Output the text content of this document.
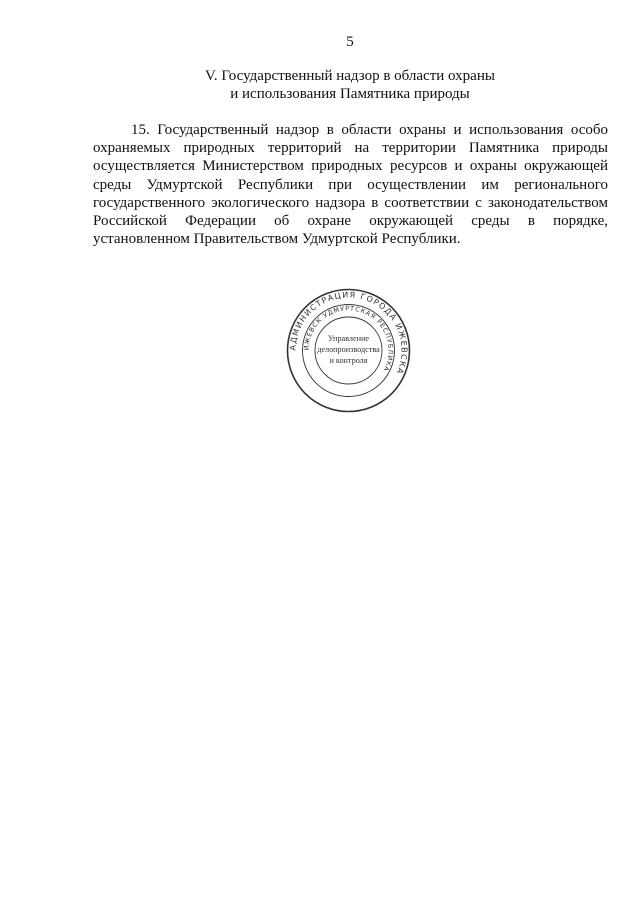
5
V. Государственный надзор в области охраны
и использования Памятника природы
15. Государственный надзор в области охраны и использования особо
охраняемых природных территорий на территории Памятника природы
осуществляется Министерством природных ресурсов и охраны окружающей
среды Удмуртской Республики при осуществлении им регионального
государственного экологического надзора в соответствии с законодательством
Российской Федерации об охране окружающей среды в порядке,
установленном Правительством Удмуртской Республики.
АДМИНИСТРАЦИЯ ГОРОДА ИЖЕВСКА
ИЖЕВСК УДМУРТСКАЯ РЕСПУБЛИКА
Управление
делопроизводства
и контроля
